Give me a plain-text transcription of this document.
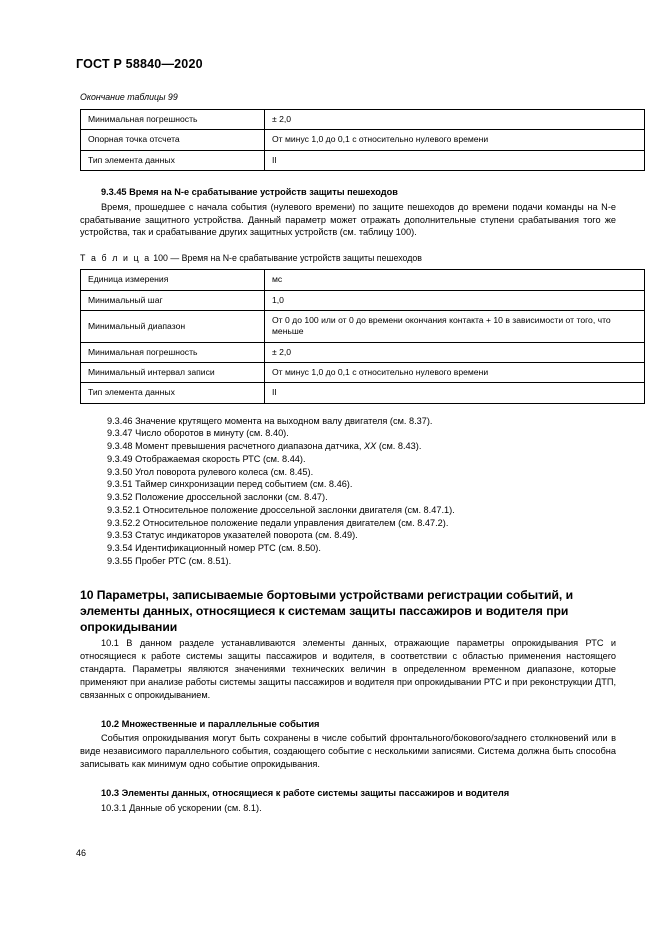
ГОСТ Р 58840—2020

Окончание таблицы 99

Минимальная погрешность	± 2,0
Опорная точка отсчета	От минус 1,0 до 0,1 с относительно нулевого времени
Тип элемента данных	II
9.3.45 Время на N-е срабатывание устройств защиты пешеходов

Время, прошедшее с начала события (нулевого времени) по защите пешеходов до времени подачи команды на N-е срабатывание защитного устройства. Данный параметр может отражать дополнительные ступени срабатывания того же устройства, так и срабатывание других защитных устройств (см. таблицу 100).

Т а б л и ц а 100 — Время на N-е срабатывание устройств защиты пешеходов

Единица измерения	мс
Минимальный шаг	1,0
Минимальный диапазон	От 0 до 100 или от 0 до времени окончания контакта + 10 в зависимости от того, что меньше
Минимальная погрешность	± 2,0
Минимальный интервал записи	От минус 1,0 до 0,1 с относительно нулевого времени
Тип элемента данных	II
9.3.46 Значение крутящего момента на выходном валу двигателя (см. 8.37).
9.3.47 Число оборотов в минуту (см. 8.40).
9.3.48 Момент превышения расчетного диапазона датчика, XX (см. 8.43).
9.3.49 Отображаемая скорость РТС (см. 8.44).
9.3.50 Угол поворота рулевого колеса (см. 8.45).
9.3.51 Таймер синхронизации перед событием (см. 8.46).
9.3.52 Положение дроссельной заслонки (см. 8.47).
9.3.52.1 Относительное положение дроссельной заслонки двигателя (см. 8.47.1).
9.3.52.2 Относительное положение педали управления двигателем (см. 8.47.2).
9.3.53 Статус индикаторов указателей поворота (см. 8.49).
9.3.54 Идентификационный номер РТС (см. 8.50).
9.3.55 Пробег РТС (см. 8.51).
10 Параметры, записываемые бортовыми устройствами регистрации событий, и элементы данных, относящиеся к системам защиты пассажиров и водителя при опрокидывании

10.1 В данном разделе устанавливаются элементы данных, отражающие параметры опрокидывания РТС и относящиеся к работе системы защиты пассажиров и водителя, в соответствии с областью применения настоящего стандарта. Параметры являются значениями технических величин в определенном временном диапазоне, которые применяют при анализе работы системы защиты пассажиров и водителя при опрокидывании РТС и при реконструкции ДТП, связанных с опрокидыванием.

10.2 Множественные и параллельные события

События опрокидывания могут быть сохранены в числе событий фронтального/бокового/заднего столкновений или в виде независимого параллельного события, создающего событие с несколькими записями. Система должна быть способна записывать как минимум одно событие опрокидывания.

10.3 Элементы данных, относящиеся к работе системы защиты пассажиров и водителя

10.3.1 Данные об ускорении (см. 8.1).

46
